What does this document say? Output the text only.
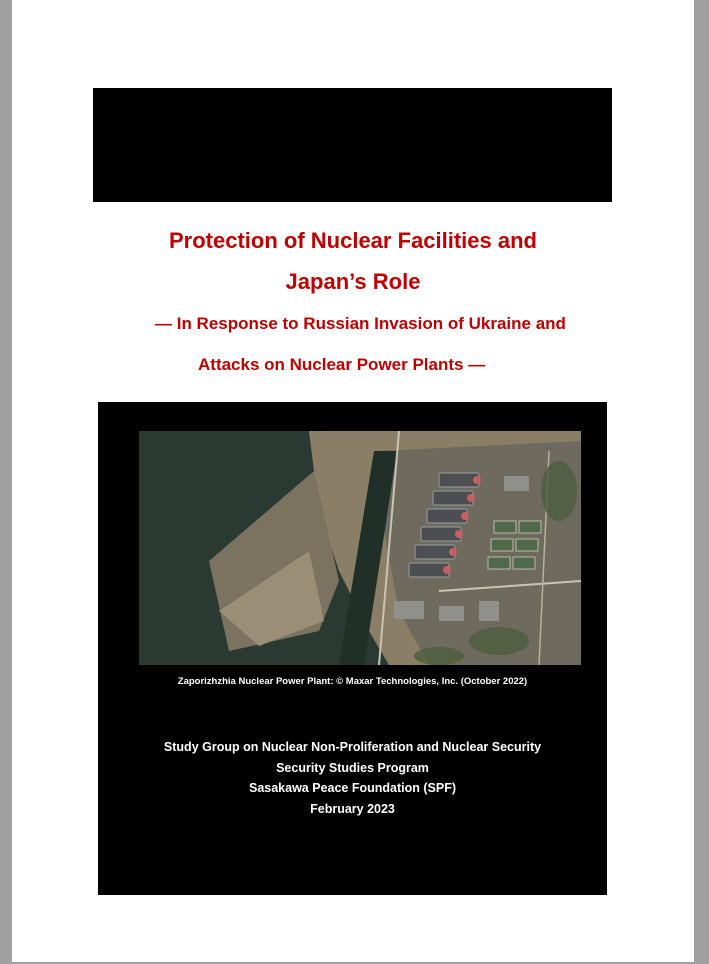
Protection of Nuclear Facilities and
Japan’s Role
— In Response to Russian Invasion of Ukraine and
Attacks on Nuclear Power Plants —
Zaporizhzhia Nuclear Power Plant: © Maxar Technologies, Inc. (October 2022)
Study Group on Nuclear Non-Proliferation and Nuclear Security
Security Studies Program
Sasakawa Peace Foundation (SPF)
February 2023
